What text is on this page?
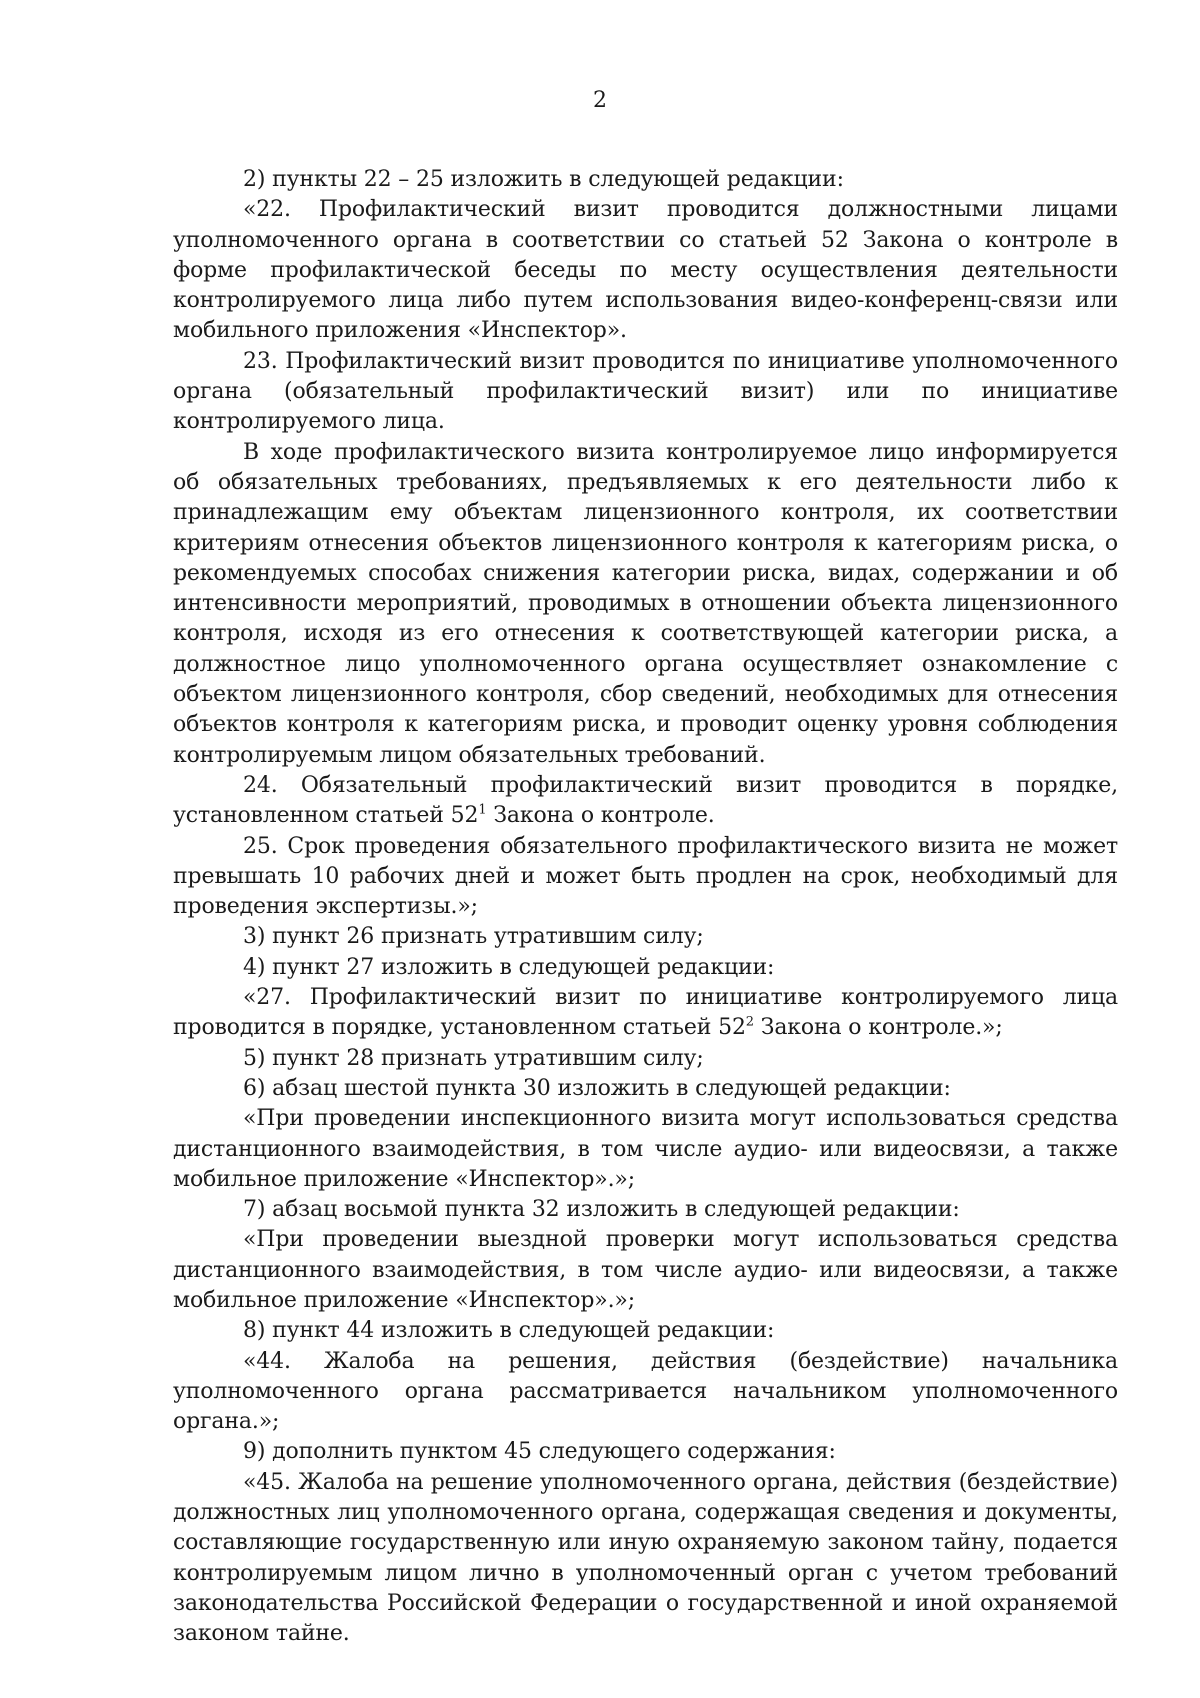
2

2) пункты 22 – 25 изложить в следующей редакции:

«22. Профилактический визит проводится должностными лицами уполномоченного органа в соответствии со статьей 52 Закона о контроле в форме профилактической беседы по месту осуществления деятельности контролируемого лица либо путем использования видео-конференц-связи или мобильного приложения «Инспектор».

23. Профилактический визит проводится по инициативе уполномоченного органа (обязательный профилактический визит) или по инициативе контролируемого лица.

В ходе профилактического визита контролируемое лицо информируется об обязательных требованиях, предъявляемых к его деятельности либо к принадлежащим ему объектам лицензионного контроля, их соответствии критериям отнесения объектов лицензионного контроля к категориям риска, о рекомендуемых способах снижения категории риска, видах, содержании и об интенсивности мероприятий, проводимых в отношении объекта лицензионного контроля, исходя из его отнесения к соответствующей категории риска, а должностное лицо уполномоченного органа осуществляет ознакомление с объектом лицензионного контроля, сбор сведений, необходимых для отнесения объектов контроля к категориям риска, и проводит оценку уровня соблюдения контролируемым лицом обязательных требований.

24. Обязательный профилактический визит проводится в порядке, установленном статьей $52^1$ Закона о контроле.

25. Срок проведения обязательного профилактического визита не может превышать 10 рабочих дней и может быть продлен на срок, необходимый для проведения экспертизы.»;

3) пункт 26 признать утратившим силу;

4) пункт 27 изложить в следующей редакции:

«27. Профилактический визит по инициативе контролируемого лица проводится в порядке, установленном статьей $52^2$ Закона о контроле.»;

5) пункт 28 признать утратившим силу;

6) абзац шестой пункта 30 изложить в следующей редакции:

«При проведении инспекционного визита могут использоваться средства дистанционного взаимодействия, в том числе аудио- или видеосвязи, а также мобильное приложение «Инспектор».»;

7) абзац восьмой пункта 32 изложить в следующей редакции:

«При проведении выездной проверки могут использоваться средства дистанционного взаимодействия, в том числе аудио- или видеосвязи, а также мобильное приложение «Инспектор».»;

8) пункт 44 изложить в следующей редакции:

«44. Жалоба на решения, действия (бездействие) начальника уполномоченного органа рассматривается начальником уполномоченного органа.»;

9) дополнить пунктом 45 следующего содержания:

«45. Жалоба на решение уполномоченного органа, действия (бездействие) должностных лиц уполномоченного органа, содержащая сведения и документы, составляющие государственную или иную охраняемую законом тайну, подается контролируемым лицом лично в уполномоченный орган с учетом требований законодательства Российской Федерации о государственной и иной охраняемой законом тайне.
